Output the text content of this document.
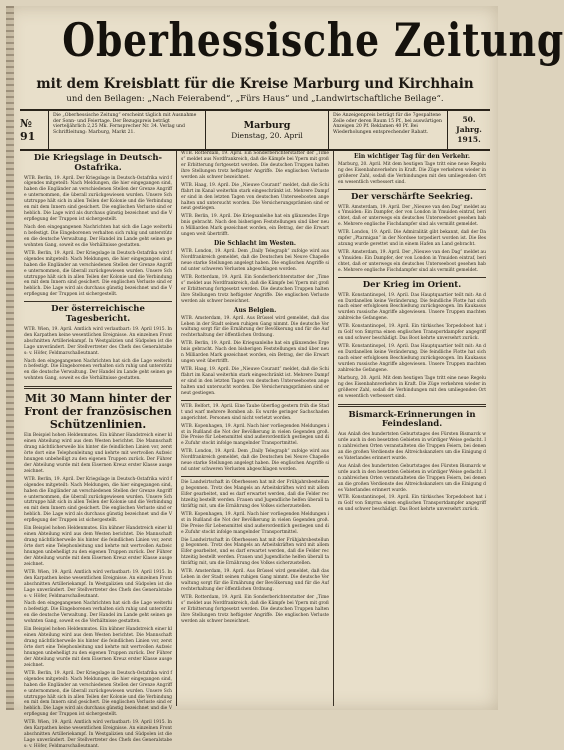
Oberhessische Zeitung
mit dem Kreisblatt für die Kreise Marburg und Kirchhain
und den Beilagen: „Nach Feierabend“, „Fürs Haus“ und „Landwirtschaftliche Beilage“.
№ 91
Die „Oberhessische Zeitung“ erscheint täglich mit Ausnahme der Sonn- und Feiertage. Der Bezugspreis beträgt vierteljährlich 2,25 Mk. Fernsprecher Nr. 34. Verlag und Schriftleitung: Marburg, Markt 21.
Marburg
Dienstag, 20. April
Die Anzeigenpreis beträgt für die 7gespaltene Zeile oder deren Raum 15 Pf., bei auswärtigen Anzeigen 20 Pf. Reklamen 40 Pf. Bei Wiederholungen entsprechender Rabatt.
50. Jahrg.
1915.
Die Kriegslage in Deutsch-Ostafrika.

WTB. Berlin, 19. April. Der Kriegslage in Deutsch-Ostafrika wird folgendes mitgeteilt: Nach Meldungen, die hier eingegangen sind, haben die Engländer an verschiedenen Stellen der Grenze Angriffe unternommen, die überall zurückgewiesen wurden. Unsere Schutztruppe hält sich in allen Teilen der Kolonie und die Verbindungen mit dem Innern sind gesichert. Die englischen Verluste sind erheblich. Die Lage wird als durchaus günstig bezeichnet und die Verpflegung der Truppen ist sichergestellt.

Nach den eingegangenen Nachrichten hat sich die Lage weiterhin befestigt. Die Eingeborenen verhalten sich ruhig und unterstützen die deutsche Verwaltung. Der Handel im Lande geht seinen gewohnten Gang, soweit es die Verhältnisse gestatten.

WTB. Berlin, 19. April. Der Kriegslage in Deutsch-Ostafrika wird folgendes mitgeteilt: Nach Meldungen, die hier eingegangen sind, haben die Engländer an verschiedenen Stellen der Grenze Angriffe unternommen, die überall zurückgewiesen wurden. Unsere Schutztruppe hält sich in allen Teilen der Kolonie und die Verbindungen mit dem Innern sind gesichert. Die englischen Verluste sind erheblich. Die Lage wird als durchaus günstig bezeichnet und die Verpflegung der Truppen ist sichergestellt.

Der österreichische Tagesbericht.

WTB. Wien, 19. April. Amtlich wird verlautbart: 19. April 1915. In den Karpathen keine wesentlichen Ereignisse. An einzelnen Frontabschnitten Artilleriekampf. In Westgalizien und Südpolen ist die Lage unverändert. Der Stellvertreter des Chefs des Generalstabes: v. Höfer, Feldmarschalleutnant.

Nach den eingegangenen Nachrichten hat sich die Lage weiterhin befestigt. Die Eingeborenen verhalten sich ruhig und unterstützen die deutsche Verwaltung. Der Handel im Lande geht seinen gewohnten Gang, soweit es die Verhältnisse gestatten.

Mit 30 Mann hinter der Front der französischen Schützenlinien.

Ein Beispiel hohen Heldenmutes. Ein kühner Handstreich einer kleinen Abteilung wird aus dem Westen berichtet. Die Mannschaft drang nächtlicherweile bis hinter die feindlichen Linien vor, zerstörte dort eine Telephonleitung und kehrte mit wertvollen Aufzeichnungen unbehelligt zu den eigenen Truppen zurück. Der Führer der Abteilung wurde mit dem Eisernen Kreuz erster Klasse ausgezeichnet.

WTB. Berlin, 19. April. Der Kriegslage in Deutsch-Ostafrika wird folgendes mitgeteilt: Nach Meldungen, die hier eingegangen sind, haben die Engländer an verschiedenen Stellen der Grenze Angriffe unternommen, die überall zurückgewiesen wurden. Unsere Schutztruppe hält sich in allen Teilen der Kolonie und die Verbindungen mit dem Innern sind gesichert. Die englischen Verluste sind erheblich. Die Lage wird als durchaus günstig bezeichnet und die Verpflegung der Truppen ist sichergestellt.

Ein Beispiel hohen Heldenmutes. Ein kühner Handstreich einer kleinen Abteilung wird aus dem Westen berichtet. Die Mannschaft drang nächtlicherweile bis hinter die feindlichen Linien vor, zerstörte dort eine Telephonleitung und kehrte mit wertvollen Aufzeichnungen unbehelligt zu den eigenen Truppen zurück. Der Führer der Abteilung wurde mit dem Eisernen Kreuz erster Klasse ausgezeichnet.

WTB. Wien, 19. April. Amtlich wird verlautbart: 19. April 1915. In den Karpathen keine wesentlichen Ereignisse. An einzelnen Frontabschnitten Artilleriekampf. In Westgalizien und Südpolen ist die Lage unverändert. Der Stellvertreter des Chefs des Generalstabes: v. Höfer, Feldmarschalleutnant.

Nach den eingegangenen Nachrichten hat sich die Lage weiterhin befestigt. Die Eingeborenen verhalten sich ruhig und unterstützen die deutsche Verwaltung. Der Handel im Lande geht seinen gewohnten Gang, soweit es die Verhältnisse gestatten.

Ein Beispiel hohen Heldenmutes. Ein kühner Handstreich einer kleinen Abteilung wird aus dem Westen berichtet. Die Mannschaft drang nächtlicherweile bis hinter die feindlichen Linien vor, zerstörte dort eine Telephonleitung und kehrte mit wertvollen Aufzeichnungen unbehelligt zu den eigenen Truppen zurück. Der Führer der Abteilung wurde mit dem Eisernen Kreuz erster Klasse ausgezeichnet.

WTB. Berlin, 19. April. Der Kriegslage in Deutsch-Ostafrika wird folgendes mitgeteilt: Nach Meldungen, die hier eingegangen sind, haben die Engländer an verschiedenen Stellen der Grenze Angriffe unternommen, die überall zurückgewiesen wurden. Unsere Schutztruppe hält sich in allen Teilen der Kolonie und die Verbindungen mit dem Innern sind gesichert. Die englischen Verluste sind erheblich. Die Lage wird als durchaus günstig bezeichnet und die Verpflegung der Truppen ist sichergestellt.

WTB. Wien, 19. April. Amtlich wird verlautbart: 19. April 1915. In den Karpathen keine wesentlichen Ereignisse. An einzelnen Frontabschnitten Artilleriekampf. In Westgalizien und Südpolen ist die Lage unverändert. Der Stellvertreter des Chefs des Generalstabes: v. Höfer, Feldmarschalleutnant.

WTB. Rotterdam, 19. April. Ein Sonderberichterstatter der „Times“ meldet aus Nordfrankreich, daß die Kämpfe bei Ypern mit großer Erbitterung fortgesetzt werden. Die deutschen Truppen halten ihre Stellungen trotz heftigster Angriffe. Die englischen Verluste werden als schwer bezeichnet.

WTB. Haag, 19. April. Die „Nieuwe Courant“ meldet, daß die Schiffahrt im Kanal weiterhin stark eingeschränkt ist. Mehrere Dampfer sind in den letzten Tagen von deutschen Unterseebooten angehalten und untersucht worden. Die Versicherungsprämien sind erneut gestiegen.

WTB. Berlin, 19. April. Die Kriegsanleihe hat ein glänzendes Ergebnis gebracht. Nach den bisherigen Feststellungen sind über neun Milliarden Mark gezeichnet worden, ein Betrag, der die Erwartungen weit übertrifft.

Die Schlacht im Westen.

WTB. London, 19. April. Dem „Daily Telegraph“ zufolge wird aus Nordfrankreich gemeldet, daß die Deutschen bei Neuve Chapelle neue starke Stellungen angelegt haben. Die englischen Angriffe sind unter schweren Verlusten abgeschlagen worden.

WTB. Rotterdam, 19. April. Ein Sonderberichterstatter der „Times“ meldet aus Nordfrankreich, daß die Kämpfe bei Ypern mit großer Erbitterung fortgesetzt werden. Die deutschen Truppen halten ihre Stellungen trotz heftigster Angriffe. Die englischen Verluste werden als schwer bezeichnet.

Aus Belgien.

WTB. Amsterdam, 19. April. Aus Brüssel wird gemeldet, daß das Leben in der Stadt seinen ruhigen Gang nimmt. Die deutsche Verwaltung sorgt für die Ernährung der Bevölkerung und für die Aufrechterhaltung der öffentlichen Ordnung.

WTB. Berlin, 19. April. Die Kriegsanleihe hat ein glänzendes Ergebnis gebracht. Nach den bisherigen Feststellungen sind über neun Milliarden Mark gezeichnet worden, ein Betrag, der die Erwartungen weit übertrifft.

WTB. Haag, 19. April. Die „Nieuwe Courant“ meldet, daß die Schiffahrt im Kanal weiterhin stark eingeschränkt ist. Mehrere Dampfer sind in den letzten Tagen von deutschen Unterseebooten angehalten und untersucht worden. Die Versicherungsprämien sind erneut gestiegen.

WTB. Belfort, 19. April. Eine Taube überflog gestern früh die Stadt und warf mehrere Bomben ab. Es wurde geringer Sachschaden angerichtet. Personen sind nicht verletzt worden.

WTB. Kopenhagen, 19. April. Nach hier vorliegenden Meldungen ist in Rußland die Not der Bevölkerung in vielen Gegenden groß. Die Preise für Lebensmittel sind außerordentlich gestiegen und die Zufuhr stockt infolge mangelnder Transportmittel.

WTB. London, 19. April. Dem „Daily Telegraph“ zufolge wird aus Nordfrankreich gemeldet, daß die Deutschen bei Neuve Chapelle neue starke Stellungen angelegt haben. Die englischen Angriffe sind unter schweren Verlusten abgeschlagen worden.

Die Landwirtschaft in Oberhessen hat mit der Frühjahrsbestellung begonnen. Trotz des Mangels an Arbeitskräften wird mit allem Eifer gearbeitet, und es darf erwartet werden, daß die Felder rechtzeitig bestellt werden. Frauen und Jugendliche helfen überall tatkräftig mit, um die Ernährung des Volkes sicherzustellen.

WTB. Kopenhagen, 19. April. Nach hier vorliegenden Meldungen ist in Rußland die Not der Bevölkerung in vielen Gegenden groß. Die Preise für Lebensmittel sind außerordentlich gestiegen und die Zufuhr stockt infolge mangelnder Transportmittel.

Die Landwirtschaft in Oberhessen hat mit der Frühjahrsbestellung begonnen. Trotz des Mangels an Arbeitskräften wird mit allem Eifer gearbeitet, und es darf erwartet werden, daß die Felder rechtzeitig bestellt werden. Frauen und Jugendliche helfen überall tatkräftig mit, um die Ernährung des Volkes sicherzustellen.

WTB. Amsterdam, 19. April. Aus Brüssel wird gemeldet, daß das Leben in der Stadt seinen ruhigen Gang nimmt. Die deutsche Verwaltung sorgt für die Ernährung der Bevölkerung und für die Aufrechterhaltung der öffentlichen Ordnung.

WTB. Rotterdam, 19. April. Ein Sonderberichterstatter der „Times“ meldet aus Nordfrankreich, daß die Kämpfe bei Ypern mit großer Erbitterung fortgesetzt werden. Die deutschen Truppen halten ihre Stellungen trotz heftigster Angriffe. Die englischen Verluste werden als schwer bezeichnet.

Ein wichtiger Tag für den Verkehr.

Marburg, 20. April. Mit dem heutigen Tage tritt eine neue Regelung des Eisenbahnverkehrs in Kraft. Die Züge verkehren wieder in größerer Zahl, sodaß die Verbindungen mit den umliegenden Orten wesentlich verbessert sind.

Der verschärfte Seekrieg.

WTB. Amsterdam, 19. April. Der „Nieuwe van den Dag“ meldet aus Ymuiden: Ein Dampfer, der von London in Ymuiden eintraf, berichtet, daß er unterwegs ein deutsches Unterseeboot gesehen habe. Mehrere englische Fischdampfer sind als vermißt gemeldet.

WTB. London, 19. April. Die Admiralität gibt bekannt, daß der Dampfer „Ptarmigan“ in der Nordsee torpediert worden ist. Die Besatzung wurde gerettet und in einem Hafen an Land gebracht.

WTB. Amsterdam, 19. April. Der „Nieuwe van den Dag“ meldet aus Ymuiden: Ein Dampfer, der von London in Ymuiden eintraf, berichtet, daß er unterwegs ein deutsches Unterseeboot gesehen habe. Mehrere englische Fischdampfer sind als vermißt gemeldet.

Der Krieg im Orient.

WTB. Konstantinopel, 19. April. Das Hauptquartier teilt mit: An den Dardanellen keine Veränderung. Die feindliche Flotte hat sich nach einer erfolglosen Beschießung zurückgezogen. Im Kaukasus wurden russische Angriffe abgewiesen. Unsere Truppen machten zahlreiche Gefangene.

WTB. Konstantinopel, 19. April. Ein türkisches Torpedoboot hat im Golf von Smyrna einen englischen Transportdampfer angegriffen und schwer beschädigt. Das Boot kehrte unversehrt zurück.

WTB. Konstantinopel, 19. April. Das Hauptquartier teilt mit: An den Dardanellen keine Veränderung. Die feindliche Flotte hat sich nach einer erfolglosen Beschießung zurückgezogen. Im Kaukasus wurden russische Angriffe abgewiesen. Unsere Truppen machten zahlreiche Gefangene.

Marburg, 20. April. Mit dem heutigen Tage tritt eine neue Regelung des Eisenbahnverkehrs in Kraft. Die Züge verkehren wieder in größerer Zahl, sodaß die Verbindungen mit den umliegenden Orten wesentlich verbessert sind.

Bismarck-Erinnerungen in Feindesland.

Aus Anlaß des hundertsten Geburtstages des Fürsten Bismarck wurde auch in den besetzten Gebieten in würdiger Weise gedacht. In zahlreichen Orten veranstalteten die Truppen Feiern, bei denen an die großen Verdienste des Altreichskanzlers um die Einigung des Vaterlandes erinnert wurde.

Aus Anlaß des hundertsten Geburtstages des Fürsten Bismarck wurde auch in den besetzten Gebieten in würdiger Weise gedacht. In zahlreichen Orten veranstalteten die Truppen Feiern, bei denen an die großen Verdienste des Altreichskanzlers um die Einigung des Vaterlandes erinnert wurde.

WTB. Konstantinopel, 19. April. Ein türkisches Torpedoboot hat im Golf von Smyrna einen englischen Transportdampfer angegriffen und schwer beschädigt. Das Boot kehrte unversehrt zurück.
